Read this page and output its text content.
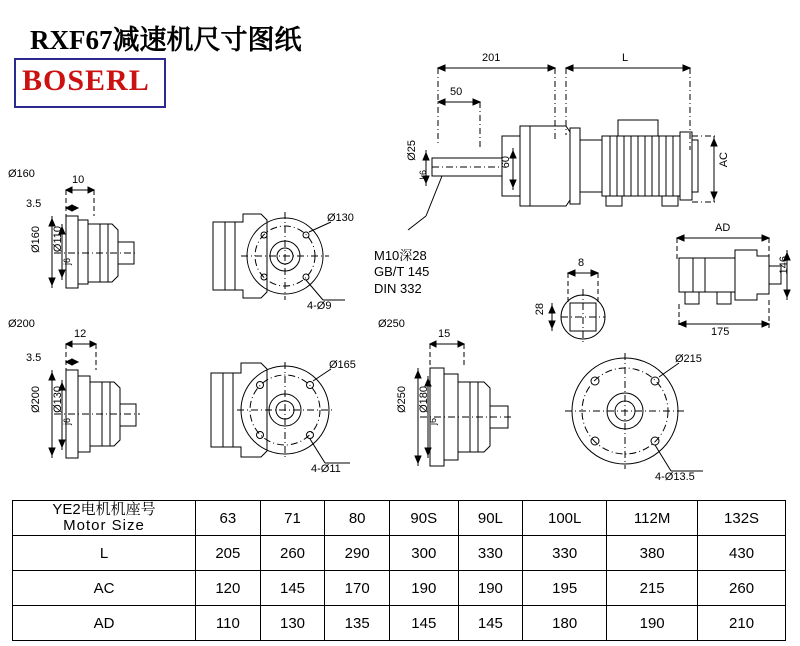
RXF67减速机尺寸图纸
BOSERL
201	L
50
Ø25
k6
60	AC
M10深28
GB/T 145
DIN 332
8
28
AD
146
175
Ø160	10
3.5
Ø160 Ø110
j6
Ø130
4-Ø9
Ø200
12
3.5
Ø200 Ø130
j6
Ø165
4-Ø11
Ø250
15
Ø250 Ø180
j6
Ø215
4-Ø13.5
YE2电机机座号
Motor Size	63	71	80	90S	90L	100L	112M	132S
L	205	260	290	300	330	330	380	430
AC	120	145	170	190	190	195	215	260
AD	110	130	135	145	145	180	190	210
